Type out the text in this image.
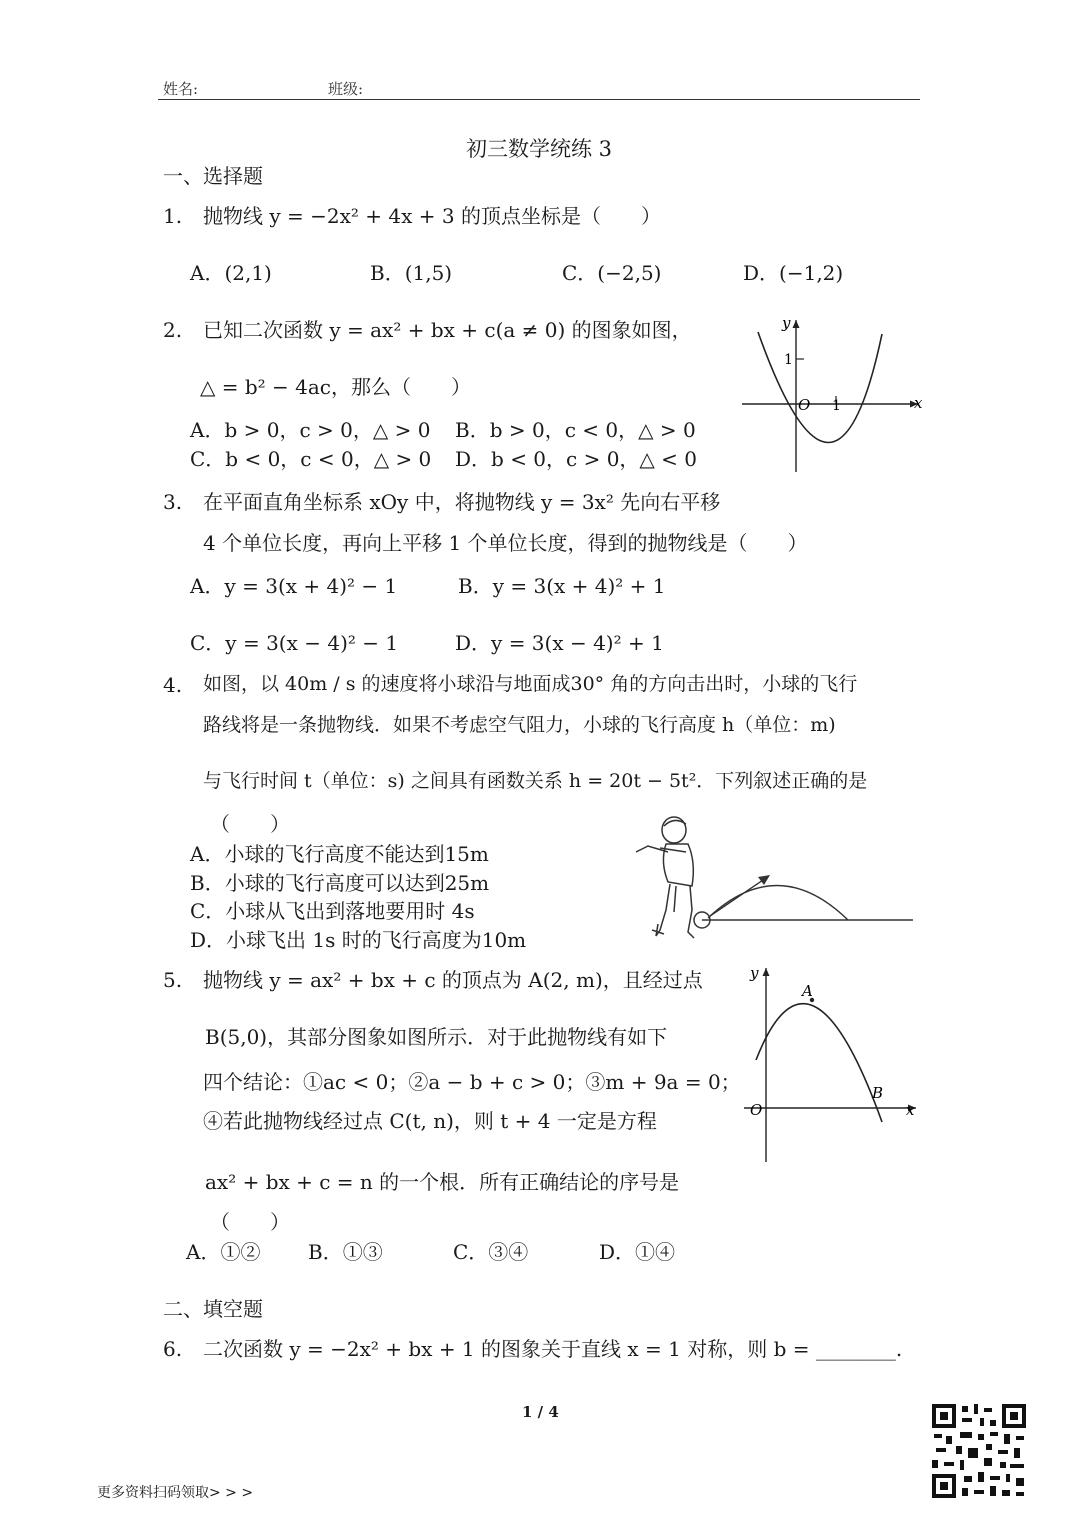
姓名:	班级:
初三数学统练 3
一、选择题
1. 抛物线 y = −2x² + 4x + 3 的顶点坐标是（　　）
A．(2,1)	B．(1,5)	C．(−2,5)	D．(−1,2)
2. 已知二次函数 y = ax² + bx + c(a ≠ 0) 的图象如图，
△ = b² − 4ac，那么（　　）
A．b > 0，c > 0，△ > 0 B．b > 0，c < 0，△ > 0
C．b < 0，c < 0，△ > 0 D．b < 0，c > 0，△ < 0
y
x
O 1
1
3. 在平面直角坐标系 xOy 中，将抛物线 y = 3x² 先向右平移
4 个单位长度，再向上平移 1 个单位长度，得到的抛物线是（　　）
A．y = 3(x + 4)² − 1	B．y = 3(x + 4)² + 1
C．y = 3(x − 4)² − 1	D．y = 3(x − 4)² + 1
4. 如图，以 40m / s 的速度将小球沿与地面成30° 角的方向击出时，小球的飞行
路线将是一条抛物线．如果不考虑空气阻力，小球的飞行高度 h（单位：m)
与飞行时间 t（单位：s) 之间具有函数关系 h = 20t − 5t²．下列叙述正确的是
（　　）
A．小球的飞行高度不能达到15m
B．小球的飞行高度可以达到25m
C．小球从飞出到落地要用时 4s
D．小球飞出 1s 时的飞行高度为10m
5. 抛物线 y = ax² + bx + c 的顶点为 A(2, m)，且经过点
B(5,0)，其部分图象如图所示．对于此抛物线有如下
四个结论：①ac < 0；②a − b + c > 0；③m + 9a = 0；
④若此抛物线经过点 C(t, n)，则 t + 4 一定是方程
ax² + bx + c = n 的一个根．所有正确结论的序号是
（　　）
A．①② B．①③	C．③④	D．①④
y
x
O
A
B
二、填空题
6. 二次函数 y = −2x² + bx + 1 的图象关于直线 x = 1 对称，则 b = ________.
1 / 4
更多资料扫码领取> > >
